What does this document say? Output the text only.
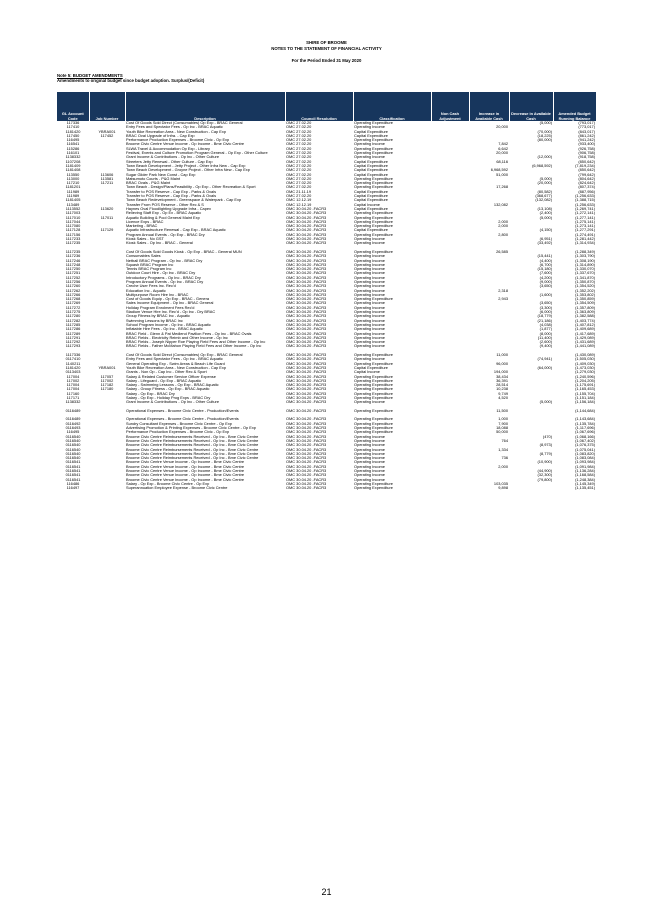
SHIRE OF BROOME
NOTES TO THE STATEMENT OF FINANCIAL ACTIVITY
For the Period Ended 31 May 2020
Note 5: BUDGET AMENDMENTS
Amendments to original budget since budget adoption. Surplus/(Deficit)
GL Account Code	Job Number	Description	Council Resolution	Classification	Non Cash Adjustment	Increase in Available Cash	Decrease in Available Cash	Amended Budget Running Balance
117336		Cost Of Goods Sold Direct (Consumables) Op Exp - BRAC General	OMC 27.02.20	Operating Expenditure			(5,000)	(793,017)
117410		Entry Fees and Spectator Fees - Op Inc - BRAC Aquatic	OMC 27.02.20	Operating Income		20,000		(773,017)
1181420	YBRA001	Youth Bike Recreation Area - New Construction - Cap Exp	OMC 27.02.20	Capital Expenditure			(70,000)	(843,017)
117450	117452	BRAC Oval Upgrade of Infra. - Cap Exp	OMC 27.02.20	Capital Expenditure			(18,225)	(861,242)
116495		Performance Production Expenses - Broome Civic - Op Exp	OMC 27.02.20	Operating Expenditure			(80,000)	(941,242)
116541		Broome Civic Centre Venue Income - Op Income - Bme Civic Centre	OMC 27.02.20	Operating Income		7,842		(933,400)
115286		SLWA Travel & Accommodation Op Exp - Library	OMC 27.02.20	Operating Expenditure		6,642		(926,758)
116101		Festival, Events and Culture Promotion Program General - Op Exp - Other Culture	OMC 27.02.20	Operating Expenditure		20,000		(906,758)
1138332		Grant Income & Contributions - Op Inc - Other Culture	OMC 27.02.20	Operating Income			(12,000)	(918,758)
1107208		Streeters Jetty Renewal - Other Culture - Cap Exp	OMC 27.02.20	Capital Expenditure		68,116		(850,642)
1181409		Town Beach Development - Jetty Project - Other Infra New - Cap Exp	OMC 27.02.20	Capital Expenditure			(6,968,592)	(7,819,234)
1181408		Town Beach Development - Groyne Project - Other Infra New - Cap Exp	OMC 27.02.20	Capital Expenditure		6,968,592		(850,642)
113550	113606	Sugar Glider Park New Const - Cap Exp	OMC 27.02.20	Capital Expenditure		51,000		(799,642)
113000	113581	Matsumoto Courts - P&G Maint	OMC 27.02.20	Operating Expenditure			(5,000)	(804,642)
117210	117211	BRAC Ovals - P&G Maint	OMC 27.02.20	Operating Expenditure			(20,000)	(824,642)
1181201		Town Beach - Design/Plans/Feasibility - Op Exp - Other Recreation & Sport	OMC 27.02.20	Operating Expenditure		17,268		(807,374)
111989		Transfer to POS Reserve - Cap Exp - Parks & Ovals	OMC 21.11.19	Capital Expenditure			(80,582)	(887,956)
111989		Transfer to POS Reserve - Cap Exp - Parks & Ovals	OMC 27.02.20	Capital Expenditure			(368,677)	(1,256,633)
1181405		Town Beach Redevelopment - Greenspace & Waterpark - Cap Exp	OMC 12.12.19	Capital Expenditure			(132,082)	(1,388,715)
113489		Transfer From POS Reserve - Other Rec & S	OMC 12.12.19	Capital Income		132,082		(1,256,633)
1113552	113620	Haynes Oval Floodlighting Upgrade Infra - Capex	OMC 30.04.20 -FACR3	Capital Expenditure			(13,108)	(1,269,741)
1117003		Relieving Staff Exp - Op Ex - BRAC Aquatic	OMC 30.04.20 -FACR3	Operating Expenditure			(2,400)	(1,272,141)
1117010	117011	Aquatic Building & Pool General Maint Exp	OMC 30.04.20 -FACR3	Operating Expenditure			(5,000)	(1,277,141)
1117044		Licence Exps - BRAC	OMC 30.04.20 -FACR3	Operating Expenditure		2,000		(1,275,141)
1117080		Marketing - BRAC	OMC 30.04.20 -FACR3	Operating Expenditure		2,000		(1,273,141)
1117128	117129	Aquatic Infrastructure Renewal - Cap Exp - BRAC Aquatic	OMC 30.04.20 -FACR3	Capital Expenditure			(4,150)	(1,277,291)
1117156		Program Annual Events - Op Exp - BRAC Dry	OMC 30.04.20 -FACR3	Operating Expenditure		2,800		(1,274,491)
1117233		Kiosk Sales - No GST	OMC 30.04.20 -FACR3	Operating Income			(6,951)	(1,281,442)
1117235		Kiosk Sales - Op Inc - BRAC - General	OMC 30.04.20 -FACR3	Operating Income			(33,492)	(1,314,934)

1117235		Cost Of Goods Sold Goods Kiosk - Op Exp - BRAC - General MUN	OMC 30.04.20 -FACR3	Operating Expenditure		26,585		(1,288,349)
1117236		Consumables Sales	OMC 30.04.20 -FACR3	Operating Income			(15,441)	(1,303,790)
1117246		Netball BRAC Program - Op Inc - BRAC Dry	OMC 30.04.20 -FACR3	Operating Income			(4,400)	(1,308,190)
1117248		Squash BRAC Program Inc	OMC 30.04.20 -FACR3	Operating Income			(6,700)	(1,314,890)
1117250		Tennis BRAC Program Inc	OMC 30.04.20 -FACR3	Operating Income			(15,180)	(1,330,070)
1117251		Outdoor Court Hire - Op Inc - BRAC Dry	OMC 30.04.20 -FACR3	Operating Income			(7,600)	(1,337,670)
1117252		Introductory Programs - Op Inc - BRAC Dry	OMC 30.04.20 -FACR3	Operating Income			(4,200)	(1,341,870)
1117256		Program Annual Events - Op Inc - BRAC Dry	OMC 30.04.20 -FACR3	Operating Income			(9,000)	(1,350,870)
1117260		Creche User Fees Inc. Rec'd	OMC 30.04.20 -FACR3	Operating Income			(3,650)	(1,354,520)
1117262		Education Inc - Aquatic	OMC 30.04.20 -FACR3	Operating Income		2,318		(1,352,202)
1117266		Multipurpose Room Hire Inc - BRAC	OMC 30.04.20 -FACR3	Operating Income			(1,600)	(1,353,802)
1117268		Cost of Goods Equip - Op Exp - BRAC - Genera	OMC 30.04.20 -FACR3	Operating Expenditure		2,943		(1,350,859)
1117269		Sales Income Equipment - Op Inc - BRAC General	OMC 30.04.20 -FACR3	Operating Income			(3,650)	(1,354,509)
1117272		Holiday Program Enrolment Fees Rec'd	OMC 30.04.20 -FACR3	Operating Income			(3,300)	(1,357,809)
1117275		Stadium Venue Hire Inc. Rec'd - Op Inc - Dry BRAC	OMC 30.04.20 -FACR3	Operating Income			(6,000)	(1,363,809)
1117280		Group Fitness by BRAC Inc - Aquatic	OMC 30.04.20 -FACR3	Operating Income			(18,779)	(1,382,588)
1117282		Swimming Lessons by BRAC Inc	OMC 30.04.20 -FACR3	Operating Income			(21,186)	(1,403,774)
1117285		School Program Income - Op Inc - BRAC Aquatic	OMC 30.04.20 -FACR3	Operating Income			(4,038)	(1,407,812)
1117286		Inflatable Hire Fees - Op Inc - BRAC Aquatic	OMC 30.04.20 -FACR3	Operating Income			(1,877)	(1,409,689)
1117289		BRAC Field - Glenn & Pat Medlend Pavilion Fees - Op Inc - BRAC Ovals	OMC 30.04.20 -FACR3	Operating Income			(8,000)	(1,417,689)
1117291		BRAC Fields - Electricity Reimb and Other Income - Op Inc	OMC 30.04.20 -FACR3	Operating Income			(11,400)	(1,429,089)
1117292		BRAC Fields - Joseph Nipper Roe Playing Field Fees and Other Income - Op Inc	OMC 30.04.20 -FACR3	Operating Income			(2,600)	(1,431,689)
1117293		BRAC Fields - Father McMahon Playing Field Fees and Other Income - Op Inc	OMC 30.04.20 -FACR3	Operating Income			(9,400)	(1,441,089)

1117336		Cost Of Goods Sold Direct (Consumables) Op Exp - BRAC General	OMC 30.04.20 -FACR3	Operating Expenditure		11,000		(1,430,089)
0117410		Entry Fees and Spectator Fees - Op Inc - BRAC Aquatic	OMC 30.04.20 -FACR3	Operating Income			(74,941)	(1,505,030)
1140211		General Operating Exp - Swim Areas & Beach Life Guard	OMC 30.04.20 -FACR3	Operating Expenditure		96,000		(1,409,030)
1181420	YBRA001	Youth Bike Recreation Area - New Construction - Cap Exp	OMC 30.04.20 -FACR3	Capital Expenditure			(64,000)	(1,473,030)
0113403		Grants - Non Op - Cap Inc - Other Rec & Sport	OMC 30.04.20 -FACR3	Capital Income		194,000		(1,279,030)
117004	117057	Salary & Related Customer Service Officer Expense	OMC 30.04.20 -FACR3	Operating Expenditure		38,434		(1,240,596)
117002	117002	Salary - Lifeguard - Op Exp - BRAC Aquatic	OMC 30.04.20 -FACR3	Operating Expenditure		36,391		(1,204,205)
117004	117182	Salary - Swimming Lessons - Op Exp - BRAC Aquatic	OMC 30.04.20 -FACR3	Operating Expenditure		28,514		(1,175,691)
117004	117180	Salary - Group Fitness - Op Exp - BRAC Aquatic	OMC 30.04.20 -FACR3	Operating Expenditure		10,238		(1,165,453)
117160		Salary - Op Exp - BRAC Dry	OMC 30.04.20 -FACR3	Operating Expenditure		9,749		(1,155,704)
117171		Salary - Op Exp - Holiday Prog Exps - BRAC Dry	OMC 30.04.20 -FACR3	Operating Expenditure		4,520		(1,151,184)
1138332		Grant Income & Contributions - Op Inc - Other Culture	OMC 30.04.20 -FACR3	Operating Income			(5,000)	(1,156,184)

0116489		Operational Expenses - Broome Civic Centre - Production/Events	OMC 30.04.20 -FACR3	Operating Expenditure		11,500		(1,144,684)

0116489		Operational Expenses - Broome Civic Centre - Production/Events	OMC 30.04.20 -FACR3	Operating Expenditure		1,000		(1,143,684)
0116492		Sundry Consultant Expenses - Broome Civic Centre - Op Exp	OMC 30.04.20 -FACR3	Operating Expenditure		7,900		(1,135,784)
0116493		Advertising Promotion & Printing Expenses - Broome Civic Centre - Op Exp	OMC 30.04.20 -FACR3	Operating Expenditure		18,088		(1,117,696)
116495		Performance Production Expenses - Broome Civic - Op Exp	OMC 30.04.20 -FACR3	Operating Expenditure		50,000		(1,067,696)
0116540		Broome Civic Centre Reimbursements Received - Op Inc - Bme Civic Centre	OMC 30.04.20 -FACR3	Operating Income			(470)	(1,068,166)
0116540		Broome Civic Centre Reimbursements Received - Op Inc - Bme Civic Centre	OMC 30.04.20 -FACR3	Operating Income		764		(1,067,402)
0116540		Broome Civic Centre Reimbursements Received - Op Inc - Bme Civic Centre	OMC 30.04.20 -FACR3	Operating Income			(8,973)	(1,076,375)
0116540		Broome Civic Centre Reimbursements Received - Op Inc - Bme Civic Centre	OMC 30.04.20 -FACR3	Operating Income		1,334		(1,075,041)
0116540		Broome Civic Centre Reimbursements Received - Op Inc - Bme Civic Centre	OMC 30.04.20 -FACR3	Operating Income			(8,779)	(1,083,820)
0116540		Broome Civic Centre Reimbursements Received - Op Inc - Bme Civic Centre	OMC 30.04.20 -FACR3	Operating Income		736		(1,083,084)
0116541		Broome Civic Centre Venue Income - Op Income - Bme Civic Centre	OMC 30.04.20 -FACR3	Operating Income			(10,900)	(1,093,984)
0116541		Broome Civic Centre Venue Income - Op Income - Bme Civic Centre	OMC 30.04.20 -FACR3	Operating Income		2,000		(1,091,984)
0116541		Broome Civic Centre Venue Income - Op Income - Bme Civic Centre	OMC 30.04.20 -FACR3	Operating Income			(44,900)	(1,136,284)
0116541		Broome Civic Centre Venue Income - Op Income - Bme Civic Centre	OMC 30.04.20 -FACR3	Operating Income			(32,300)	(1,168,584)
0116541		Broome Civic Centre Venue Income - Op Income - Bme Civic Centre	OMC 30.04.20 -FACR3	Operating Income			(79,800)	(1,248,384)
116486		Salary - Op Exp - Broome Civic Centre - Op Exp	OMC 30.04.20 -FACR3	Operating Expenditure		103,035		(1,145,349)
116497		Superannuation Employee Expense - Broome Civic Centre	OMC 30.04.20 -FACR3	Operating Expenditure		9,898		(1,135,451)
21
